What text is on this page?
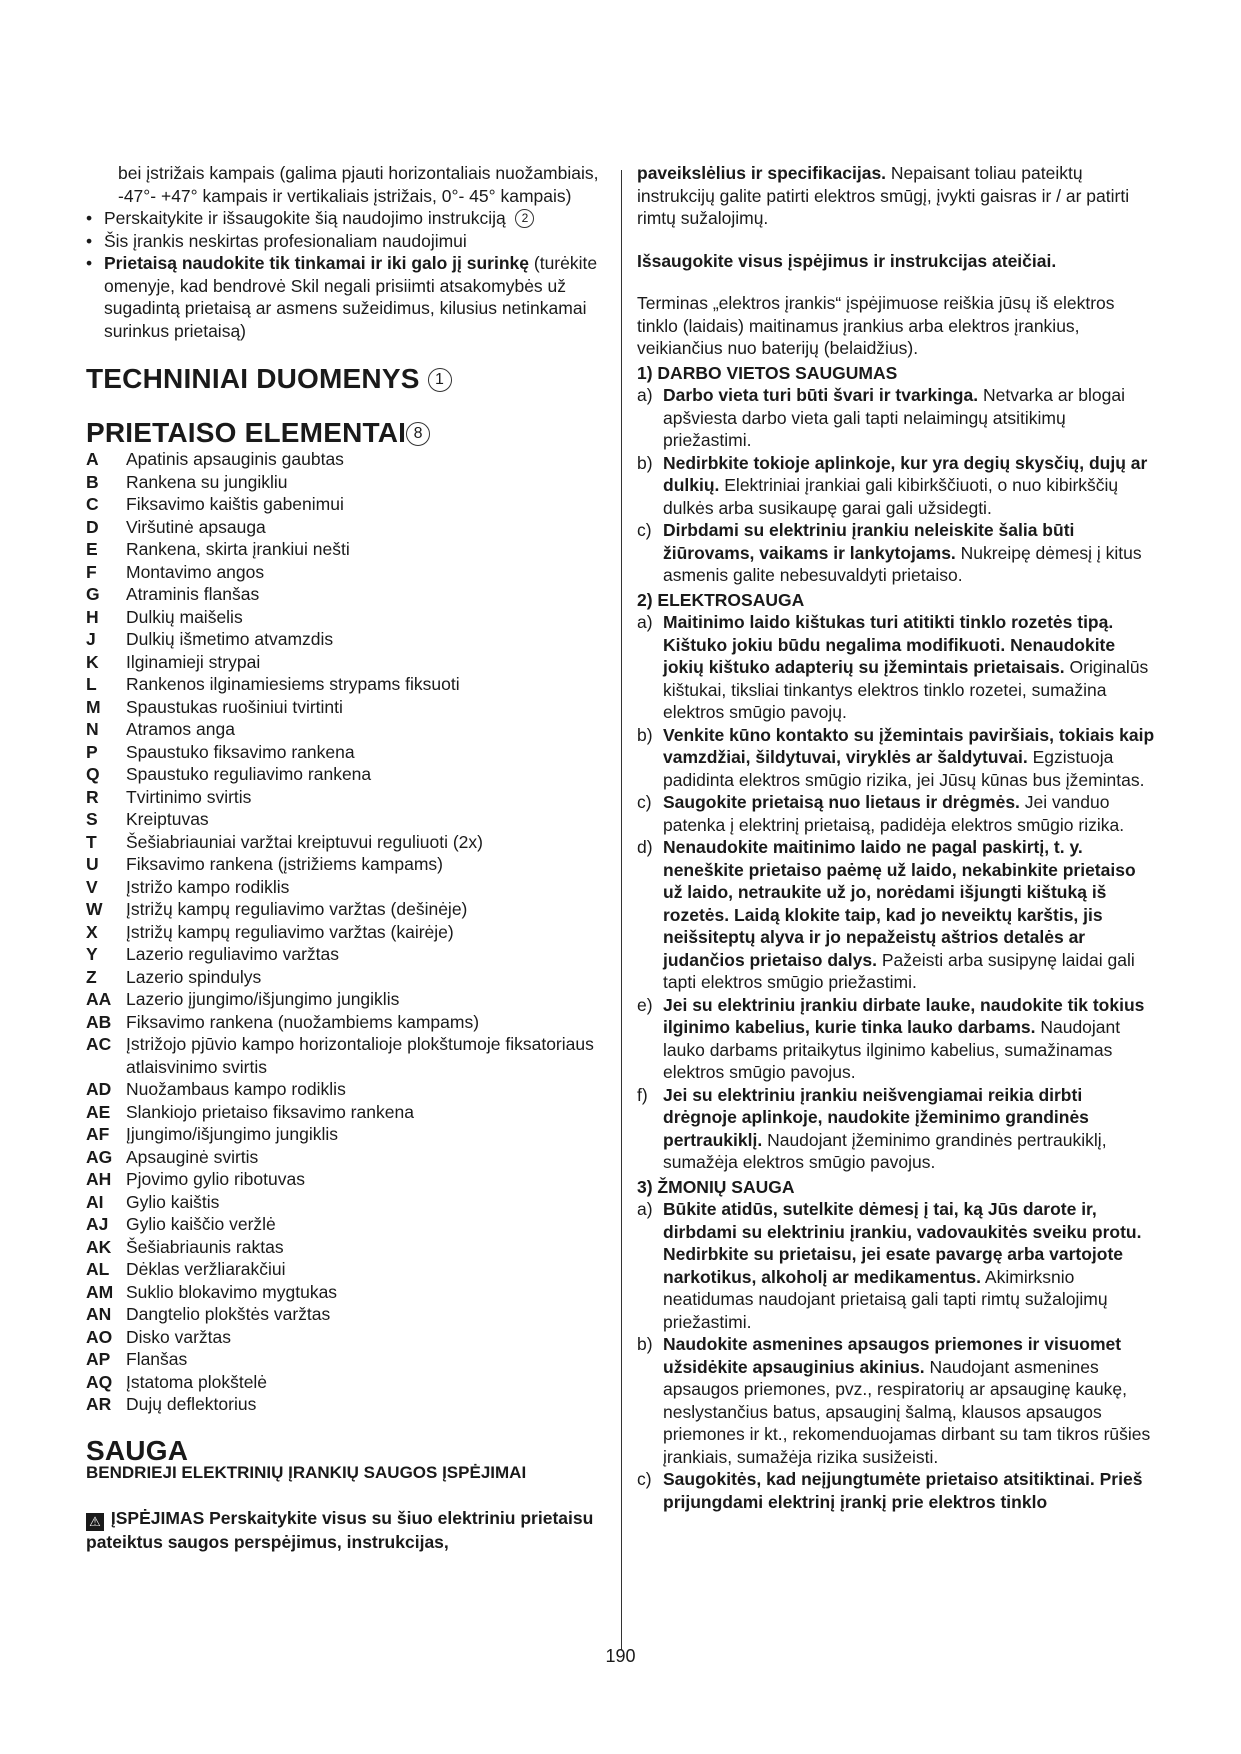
bei įstrižais kampais (galima pjauti horizontaliais nuožambiais, -47°- +47° kampais ir vertikaliais įstrižais, 0°- 45° kampais)

• Perskaitykite ir išsaugokite šią naudojimo instrukciją 2
• Šis įrankis neskirtas profesionaliam naudojimui
• Prietaisą naudokite tik tinkamai ir iki galo jį surinkę (turėkite omenyje, kad bendrovė Skil negali prisiimti atsakomybės už sugadintą prietaisą ar asmens sužeidimus, kilusius netinkamai surinkus prietaisą)
TECHNINIAI DUOMENYS 1
PRIETAISO ELEMENTAI 8
A	Apatinis apsauginis gaubtas
B	Rankena su jungikliu
C	Fiksavimo kaištis gabenimui
D	Viršutinė apsauga
E	Rankena, skirta įrankiui nešti
F	Montavimo angos
G	Atraminis flanšas
H	Dulkių maišelis
J	Dulkių išmetimo atvamzdis
K	Ilginamieji strypai
L	Rankenos ilginamiesiems strypams fiksuoti
M	Spaustukas ruošiniui tvirtinti
N	Atramos anga
P	Spaustuko fiksavimo rankena
Q	Spaustuko reguliavimo rankena
R	Tvirtinimo svirtis
S	Kreiptuvas
T	Šešiabriauniai varžtai kreiptuvui reguliuoti (2x)
U	Fiksavimo rankena (įstrižiems kampams)
V	Įstrižo kampo rodiklis
W	Įstrižų kampų reguliavimo varžtas (dešinėje)
X	Įstrižų kampų reguliavimo varžtas (kairėje)
Y	Lazerio reguliavimo varžtas
Z	Lazerio spindulys
AA Lazerio įjungimo/išjungimo jungiklis
AB Fiksavimo rankena (nuožambiems kampams)
AC Įstrižojo pjūvio kampo horizontalioje plokštumoje fiksatoriaus atlaisvinimo svirtis
AD Nuožambaus kampo rodiklis
AE Slankiojo prietaiso fiksavimo rankena
AF Įjungimo/išjungimo jungiklis
AG Apsauginė svirtis
AH Pjovimo gylio ribotuvas
AI	Gylio kaištis
AJ	Gylio kaiščio veržlė
AK Šešiabriaunis raktas
AL Dėklas veržliarakčiui
AM Suklio blokavimo mygtukas
AN Dangtelio plokštės varžtas
AO Disko varžtas
AP Flanšas
AQ Įstatoma plokštelė
AR Dujų deflektorius
SAUGA
BENDRIEJI ELEKTRINIŲ ĮRANKIŲ SAUGOS ĮSPĖJIMAI

⚠ ĮSPĖJIMAS Perskaitykite visus su šiuo elektriniu prietaisu pateiktus saugos perspėjimus, instrukcijas,

paveikslėlius ir specifikacijas. Nepaisant toliau pateiktų instrukcijų galite patirti elektros smūgį, įvykti gaisras ir / ar patirti rimtų sužalojimų.

Išsaugokite visus įspėjimus ir instrukcijas ateičiai.

Terminas „elektros įrankis“ įspėjimuose reiškia jūsų iš elektros tinklo (laidais) maitinamus įrankius arba elektros įrankius, veikiančius nuo baterijų (belaidžius).

1) DARBO VIETOS SAUGUMAS

a) Darbo vieta turi būti švari ir tvarkinga. Netvarka ar blogai apšviesta darbo vieta gali tapti nelaimingų atsitikimų priežastimi.
b) Nedirbkite tokioje aplinkoje, kur yra degių skysčių, dujų ar dulkių. Elektriniai įrankiai gali kibirkščiuoti, o nuo kibirkščių dulkės arba susikaupę garai gali užsidegti.
c) Dirbdami su elektriniu įrankiu neleiskite šalia būti žiūrovams, vaikams ir lankytojams. Nukreipę dėmesį į kitus asmenis galite nebesuvaldyti prietaiso.

2) ELEKTROSAUGA

a) Maitinimo laido kištukas turi atitikti tinklo rozetės tipą. Kištuko jokiu būdu negalima modifikuoti. Nenaudokite jokių kištuko adapterių su įžemintais prietaisais. Originalūs kištukai, tiksliai tinkantys elektros tinklo rozetei, sumažina elektros smūgio pavojų.
b) Venkite kūno kontakto su įžemintais paviršiais, tokiais kaip vamzdžiai, šildytuvai, viryklės ar šaldytuvai. Egzistuoja padidinta elektros smūgio rizika, jei Jūsų kūnas bus įžemintas.
c) Saugokite prietaisą nuo lietaus ir drėgmės. Jei vanduo patenka į elektrinį prietaisą, padidėja elektros smūgio rizika.
d) Nenaudokite maitinimo laido ne pagal paskirtį, t. y. neneškite prietaiso paėmę už laido, nekabinkite prietaiso už laido, netraukite už jo, norėdami išjungti kištuką iš rozetės. Laidą klokite taip, kad jo neveiktų karštis, jis neišsiteptų alyva ir jo nepažeistų aštrios detalės ar judančios prietaiso dalys. Pažeisti arba susipynę laidai gali tapti elektros smūgio priežastimi.
e) Jei su elektriniu įrankiu dirbate lauke, naudokite tik tokius ilginimo kabelius, kurie tinka lauko darbams. Naudojant lauko darbams pritaikytus ilginimo kabelius, sumažinamas elektros smūgio pavojus.
f) Jei su elektriniu įrankiu neišvengiamai reikia dirbti drėgnoje aplinkoje, naudokite įžeminimo grandinės pertraukiklį. Naudojant įžeminimo grandinės pertraukiklį, sumažėja elektros smūgio pavojus.

3) ŽMONIŲ SAUGA

a) Būkite atidūs, sutelkite dėmesį į tai, ką Jūs darote ir, dirbdami su elektriniu įrankiu, vadovaukitės sveiku protu. Nedirbkite su prietaisu, jei esate pavargę arba vartojote narkotikus, alkoholį ar medikamentus. Akimirksnio neatidumas naudojant prietaisą gali tapti rimtų sužalojimų priežastimi.
b) Naudokite asmenines apsaugos priemones ir visuomet užsidėkite apsauginius akinius. Naudojant asmenines apsaugos priemones, pvz., respiratorių ar apsauginę kaukę, neslystančius batus, apsauginį šalmą, klausos apsaugos priemones ir kt., rekomenduojamas dirbant su tam tikros rūšies įrankiais, sumažėja rizika susižeisti.
c) Saugokitės, kad neįjungtumėte prietaiso atsitiktinai. Prieš prijungdami elektrinį įrankį prie elektros tinklo
190
